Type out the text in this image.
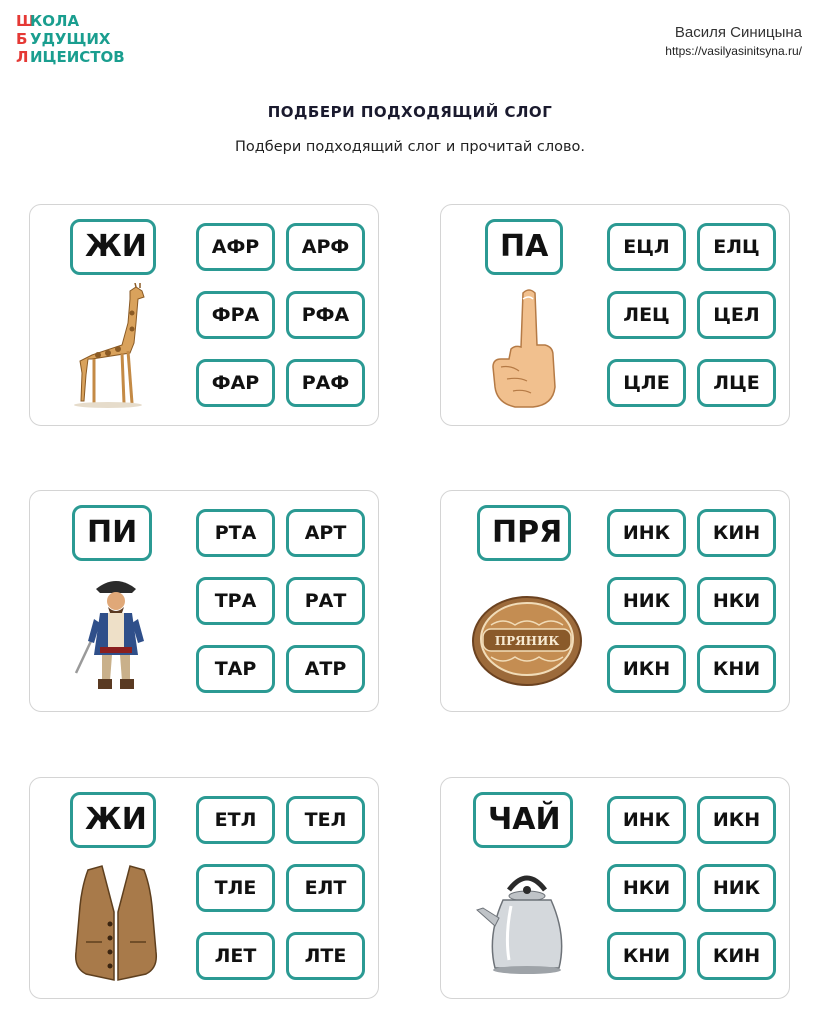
ШКОЛА
Б УДУЩИХ
Л ИЦЕИСТОВ
Василя Синицына
https://vasilyasinitsyna.ru/
ПОДБЕРИ ПОДХОДЯЩИЙ СЛОГ
Подбери подходящий слог и прочитай слово.
ЖИ	АФР	АРФ
ФРА	РФА
ФАР	РАФ
ПА	ЕЦЛ	ЕЛЦ
ЛЕЦ	ЦЕЛ
ЦЛЕ	ЛЦЕ
ПИ	РТА	АРТ
ТРА	РАТ
ТАР	АТР
ПРЯ
ПРЯНИК
ИНК	КИН
НИК	НКИ
ИКН	КНИ
ЖИ	ЕТЛ	ТЕЛ
ТЛЕ	ЕЛТ
ЛЕТ	ЛТЕ
ЧАЙ	ИНК	ИКН
НКИ	НИК
КНИ	КИН
